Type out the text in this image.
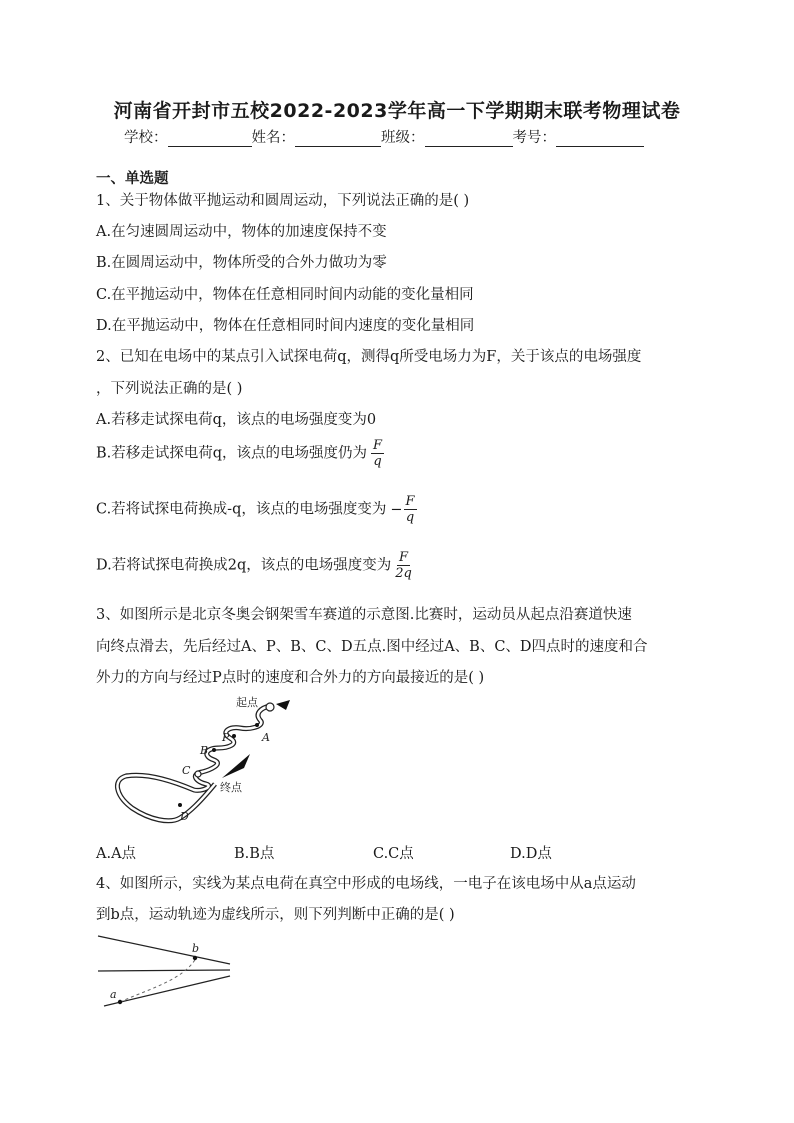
河南省开封市五校2022-2023学年高一下学期期末联考物理试卷
学校：	姓名：	班级：	考号：
一、单选题
1、关于物体做平抛运动和圆周运动，下列说法正确的是( )
A.在匀速圆周运动中，物体的加速度保持不变
B.在圆周运动中，物体所受的合外力做功为零
C.在平抛运动中，物体在任意相同时间内动能的变化量相同
D.在平抛运动中，物体在任意相同时间内速度的变化量相同
2、已知在电场中的某点引入试探电荷q，测得q所受电场力为F，关于该点的电场强度
，下列说法正确的是( )
A.若移走试探电荷q，该点的电场强度变为0
B.若移走试探电荷q，该点的电场强度仍为 $\frac{F}{q}$
C.若将试探电荷换成-q，该点的电场强度变为 − $\frac{F}{q}$
D.若将试探电荷换成2q，该点的电场强度变为 $\frac{F}{2q}$
3、如图所示是北京冬奥会钢架雪车赛道的示意图.比赛时，运动员从起点沿赛道快速
向终点滑去，先后经过A、P、B、C、D五点.图中经过A、B、C、D四点时的速度和合
外力的方向与经过P点时的速度和合外力的方向最接近的是( )
起点
终点
P	A
B
C
D
A.A点	B.B点	C.C点	D.D点
4、如图所示，实线为某点电荷在真空中形成的电场线，一电子在该电场中从a点运动
到b点，运动轨迹为虚线所示，则下列判断中正确的是( )
a
b
